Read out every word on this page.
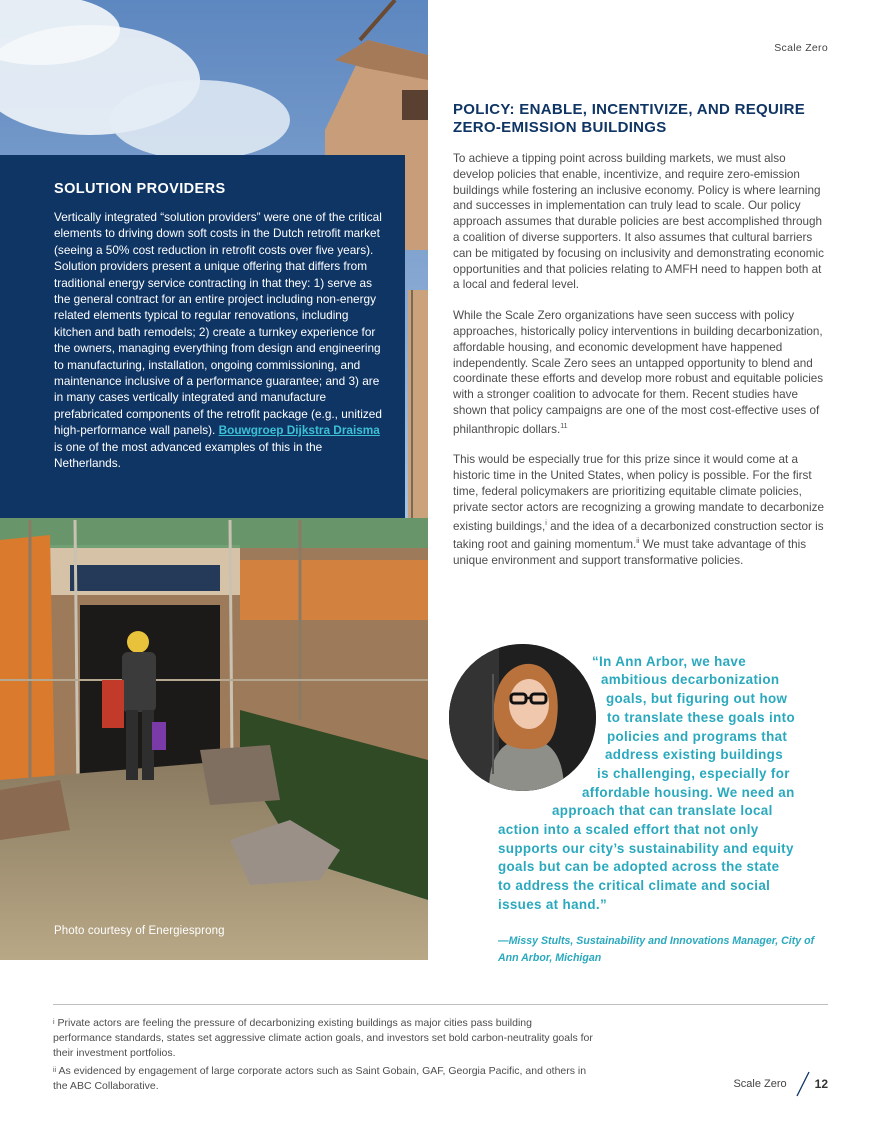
Photo courtesy of Energiesprong
SOLUTION PROVIDERS

Vertically integrated “solution providers” were one of the critical elements to driving down soft costs in the Dutch retrofit market (seeing a 50% cost reduction in retrofit costs over five years). Solution providers present a unique offering that differs from traditional energy service contracting in that they: 1) serve as the general contract for an entire project including non-energy related elements typical to regular renovations, including kitchen and bath remodels; 2) create a turnkey experience for the owners, managing everything from design and engineering to manufacturing, installation, ongoing commissioning, and maintenance inclusive of a performance guarantee; and 3) are in many cases vertically integrated and manufacture prefabricated components of the retrofit package (e.g., unitized high-performance wall panels). Bouwgroep Dijkstra Draisma is one of the most advanced examples of this in the Netherlands.

Scale Zero
POLICY: ENABLE, INCENTIVIZE, AND REQUIRE ZERO-EMISSION BUILDINGS

To achieve a tipping point across building markets, we must also develop policies that enable, incentivize, and require zero-emission buildings while fostering an inclusive economy. Policy is where learning and successes in implementation can truly lead to scale. Our policy approach assumes that durable policies are best accomplished through a coalition of diverse supporters. It also assumes that cultural barriers can be mitigated by focusing on inclusivity and demonstrating economic opportunities and that policies relating to AMFH need to happen both at a local and federal level.

While the Scale Zero organizations have seen success with policy approaches, historically policy interventions in building decarbonization, affordable housing, and economic development have happened independently. Scale Zero sees an untapped opportunity to blend and coordinate these efforts and develop more robust and equitable policies with a stronger coalition to advocate for them. Recent studies have shown that policy campaigns are one of the most cost-effective uses of philanthropic dollars.$^{11}$

This would be especially true for this prize since it would come at a historic time in the United States, when policy is possible. For the first time, federal policymakers are prioritizing equitable climate policies, private sector actors are recognizing a growing mandate to decarbonize existing buildings,$^i$ and the idea of a decarbonized construction sector is taking root and gaining momentum.$^{ii}$ We must take advantage of this unique environment and support transformative policies.

“In Ann Arbor, we have
ambitious decarbonization
goals, but figuring out how
to translate these goals into
policies and programs that
address existing buildings
is challenging, especially for
affordable housing. We need an
approach that can translate local
action into a scaled effort that not only
supports our city’s sustainability and equity
goals but can be adopted across the state
to address the critical climate and social
issues at hand.”
—Missy Stults, Sustainability and Innovations Manager, City of Ann Arbor, Michigan
$^i$ Private actors are feeling the pressure of decarbonizing existing buildings as major cities pass building performance standards, states set aggressive climate action goals, and investors set bold carbon-neutrality goals for their investment portfolios.
$^{ii}$ As evidenced by engagement of large corporate actors such as Saint Gobain, GAF, Georgia Pacific, and others in the ABC Collaborative.	Scale Zero 12
